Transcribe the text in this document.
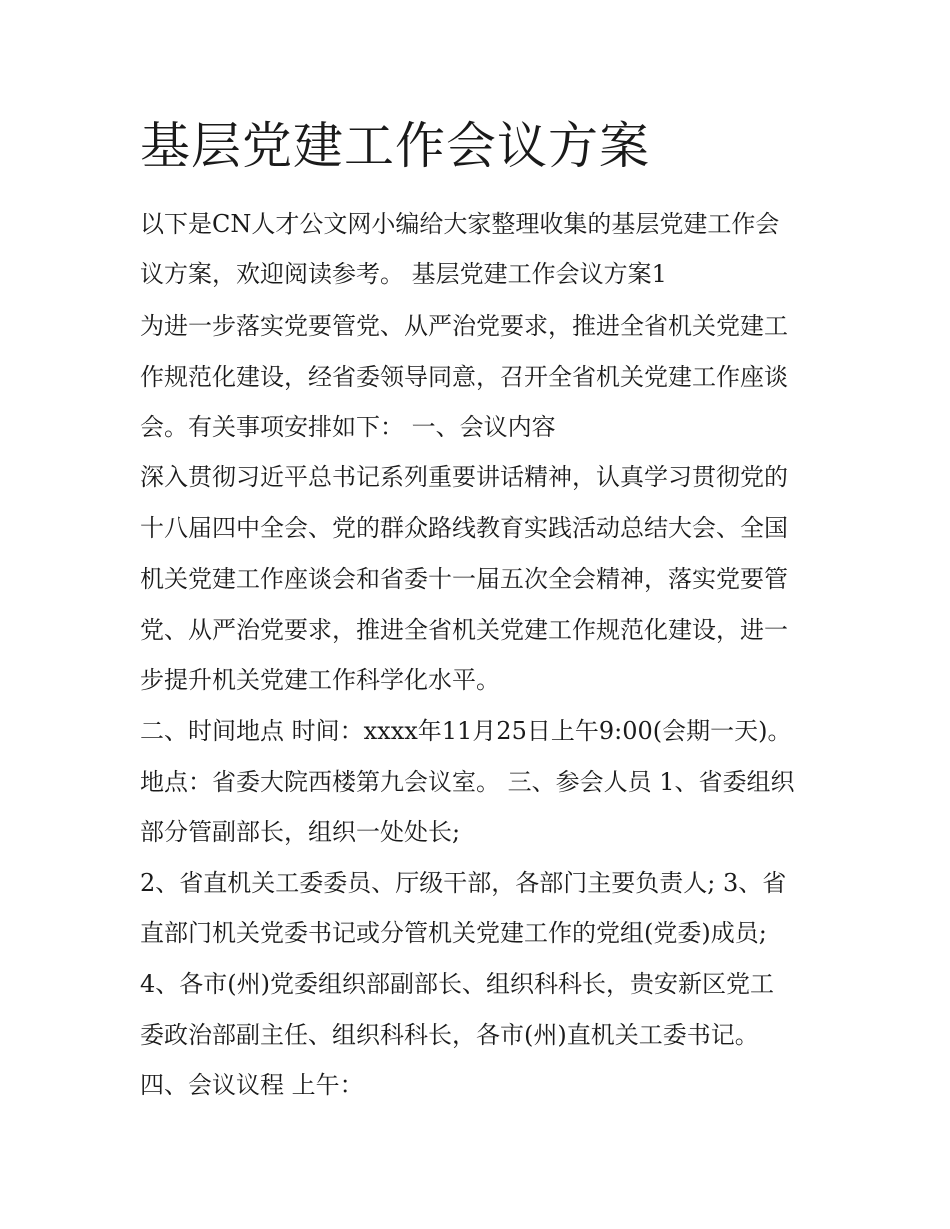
基层党建工作会议方案

以下是CN人才公文网小编给大家整理收集的基层党建工作会

议方案，欢迎阅读参考。 基层党建工作会议方案1

为进一步落实党要管党、从严治党要求，推进全省机关党建工

作规范化建设，经省委领导同意，召开全省机关党建工作座谈

会。有关事项安排如下： 一、会议内容

深入贯彻习近平总书记系列重要讲话精神，认真学习贯彻党的

十八届四中全会、党的群众路线教育实践活动总结大会、全国

机关党建工作座谈会和省委十一届五次全会精神，落实党要管

党、从严治党要求，推进全省机关党建工作规范化建设，进一

步提升机关党建工作科学化水平。

二、时间地点 时间：xxxx年11月25日上午9:00(会期一天)。

地点：省委大院西楼第九会议室。 三、参会人员 1、省委组织

部分管副部长，组织一处处长;

2、省直机关工委委员、厅级干部，各部门主要负责人; 3、省

直部门机关党委书记或分管机关党建工作的党组(党委)成员;

4、各市(州)党委组织部副部长、组织科科长，贵安新区党工

委政治部副主任、组织科科长，各市(州)直机关工委书记。

四、会议议程 上午：
